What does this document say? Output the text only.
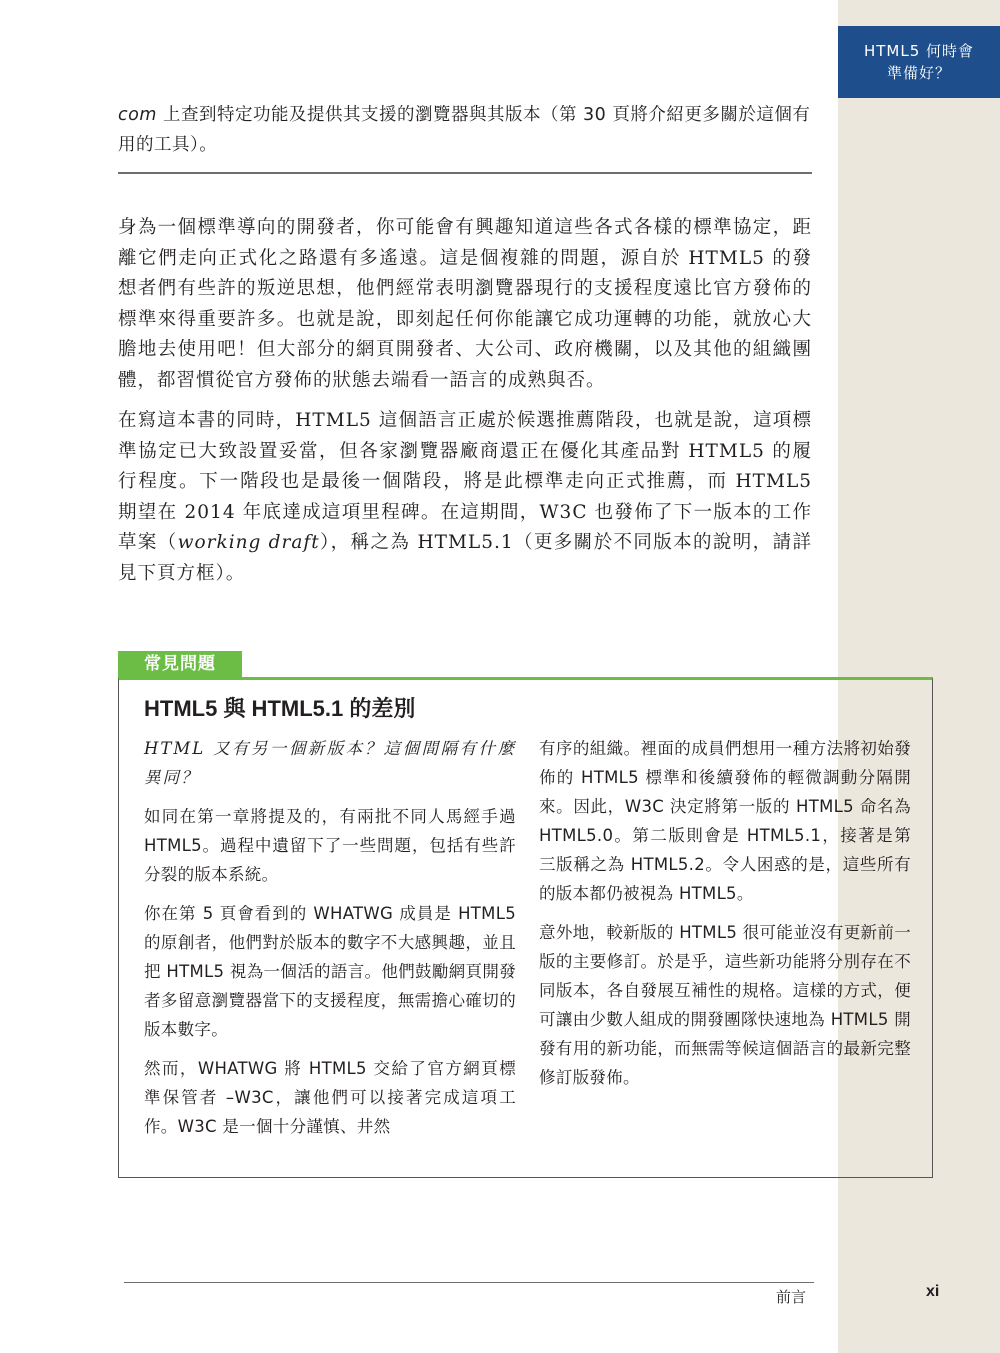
HTML5 何時會
準備好？
com 上查到特定功能及提供其支援的瀏覽器與其版本（第 30 頁將介紹更多關於這個有用的工具）。

身為一個標準導向的開發者，你可能會有興趣知道這些各式各樣的標準協定，距離它們走向正式化之路還有多遙遠。這是個複雜的問題，源自於 HTML5 的發想者們有些許的叛逆思想，他們經常表明瀏覽器現行的支援程度遠比官方發佈的標準來得重要許多。也就是說，即刻起任何你能讓它成功運轉的功能，就放心大膽地去使用吧！但大部分的網頁開發者、大公司、政府機關，以及其他的組織團體，都習慣從官方發佈的狀態去端看一語言的成熟與否。

在寫這本書的同時，HTML5 這個語言正處於候選推薦階段，也就是說，這項標準協定已大致設置妥當，但各家瀏覽器廠商還正在優化其產品對 HTML5 的履行程度。下一階段也是最後一個階段，將是此標準走向正式推薦，而 HTML5 期望在 2014 年底達成這項里程碑。在這期間，W3C 也發佈了下一版本的工作草案（working draft），稱之為 HTML5.1（更多關於不同版本的說明，請詳見下頁方框）。

常見問題
HTML5 與 HTML5.1 的差別

HTML 又有另一個新版本？這個間隔有什麼異同？

如同在第一章將提及的，有兩批不同人馬經手過 HTML5。過程中遺留下了一些問題，包括有些許分裂的版本系統。

你在第 5 頁會看到的 WHATWG 成員是 HTML5 的原創者，他們對於版本的數字不大感興趣，並且把 HTML5 視為一個活的語言。他們鼓勵網頁開發者多留意瀏覽器當下的支援程度，無需擔心確切的版本數字。

然而，WHATWG 將 HTML5 交給了官方網頁標準保管者 –W3C，讓他們可以接著完成這項工作。W3C 是一個十分謹慎、井然

有序的組織。裡面的成員們想用一種方法將初始發佈的 HTML5 標準和後續發佈的輕微調動分隔開來。因此，W3C 決定將第一版的 HTML5 命名為 HTML5.0。第二版則會是 HTML5.1，接著是第三版稱之為 HTML5.2。令人困惑的是，這些所有的版本都仍被視為 HTML5。

意外地，較新版的 HTML5 很可能並沒有更新前一版的主要修訂。於是乎，這些新功能將分別存在不同版本，各自發展互補性的規格。這樣的方式，便可讓由少數人組成的開發團隊快速地為 HTML5 開發有用的新功能，而無需等候這個語言的最新完整修訂版發佈。

前言	xi
